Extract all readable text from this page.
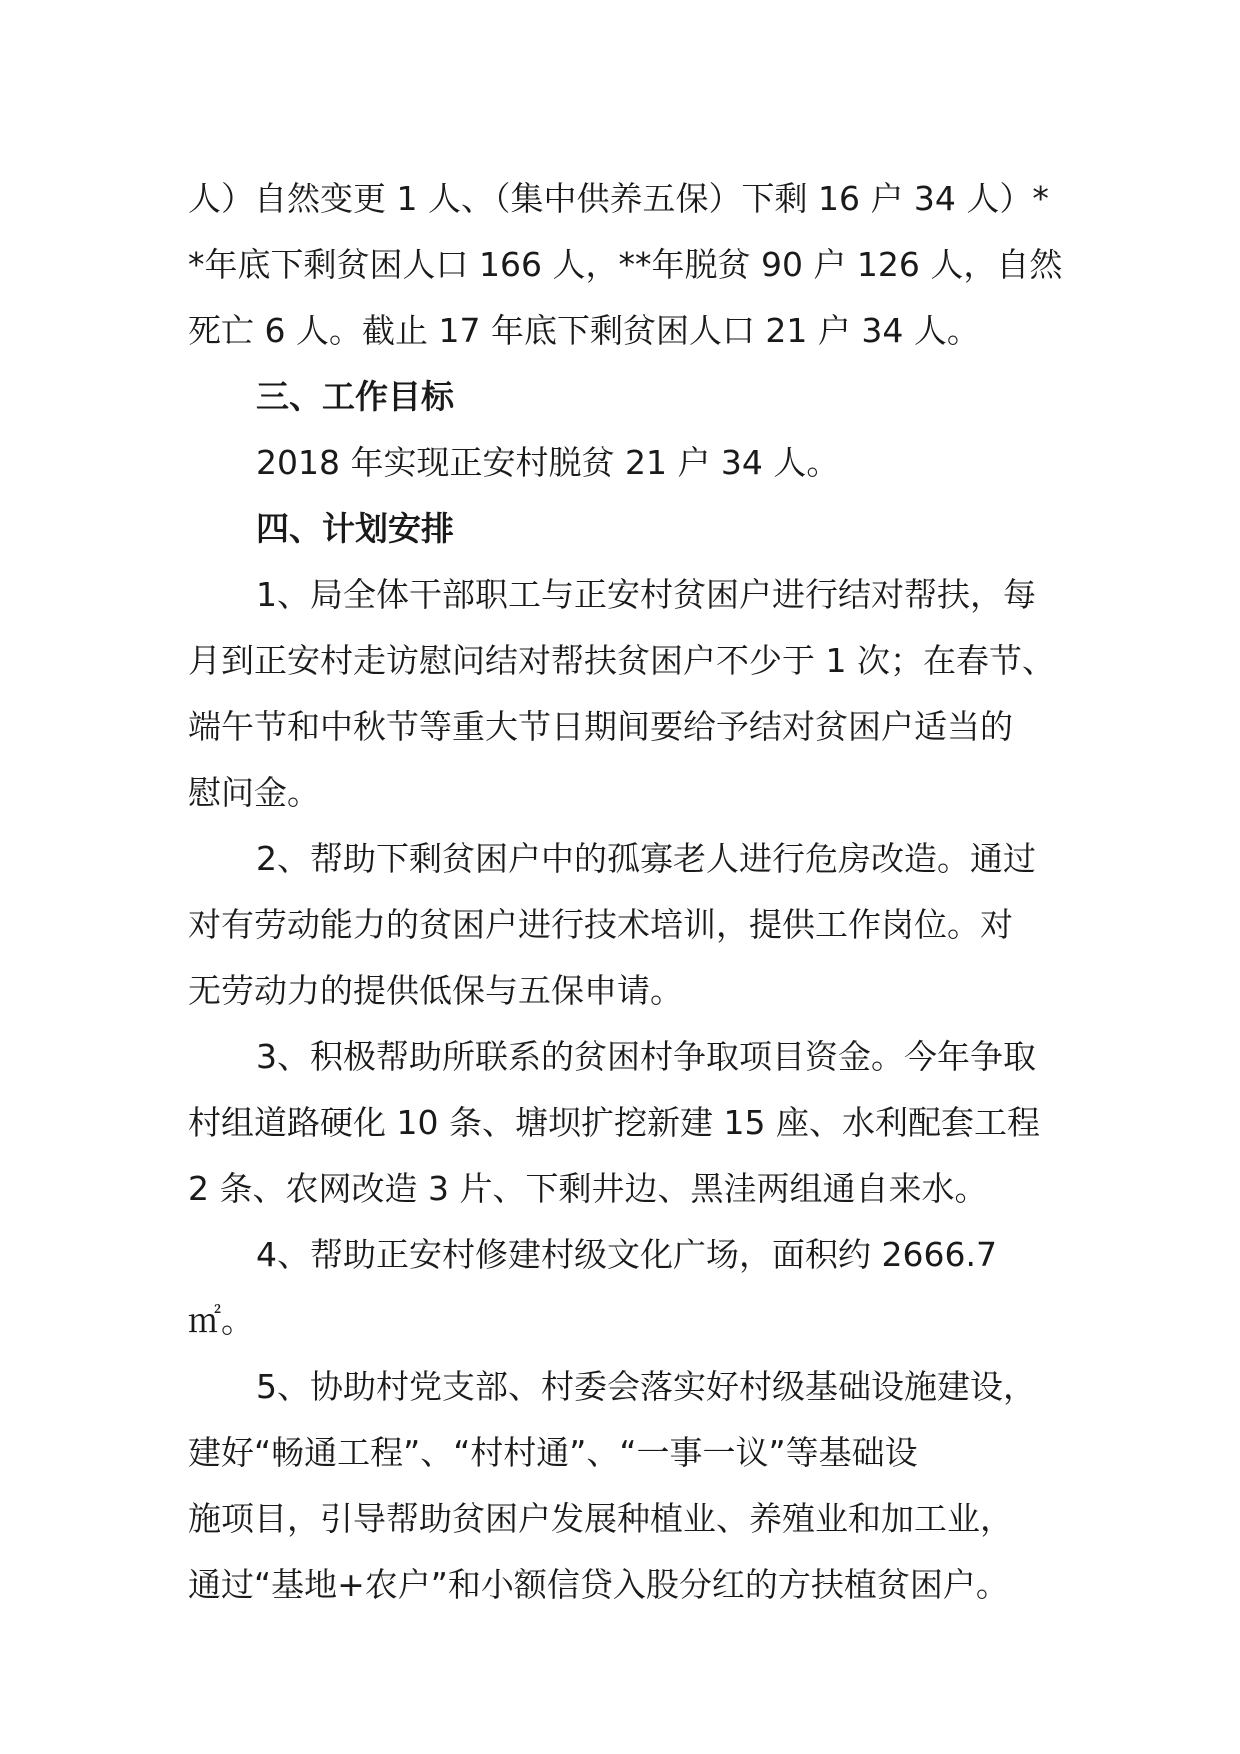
人）自然变更 1 人、（集中供养五保）下剩 16 户 34 人）*
*年底下剩贫困人口 166 人，**年脱贫 90 户 126 人，自然
死亡 6 人。截止 17 年底下剩贫困人口 21 户 34 人。
三、工作目标
2018 年实现正安村脱贫 21 户 34 人。
四、计划安排
1、局全体干部职工与正安村贫困户进行结对帮扶，每
月到正安村走访慰问结对帮扶贫困户不少于 1 次；在春节、
端午节和中秋节等重大节日期间要给予结对贫困户适当的
慰问金。
2、帮助下剩贫困户中的孤寡老人进行危房改造。通过
对有劳动能力的贫困户进行技术培训，提供工作岗位。对
无劳动力的提供低保与五保申请。
3、积极帮助所联系的贫困村争取项目资金。今年争取
村组道路硬化 10 条、塘坝扩挖新建 15 座、水利配套工程
2 条、农网改造 3 片、下剩井边、黑洼两组通自来水。
4、帮助正安村修建村级文化广场，面积约 2666.7
㎡。
5、协助村党支部、村委会落实好村级基础设施建设，
建好“畅通工程”、“村村通”、“一事一议”等基础设
施项目，引导帮助贫困户发展种植业、养殖业和加工业，
通过“基地+农户”和小额信贷入股分红的方扶植贫困户。
